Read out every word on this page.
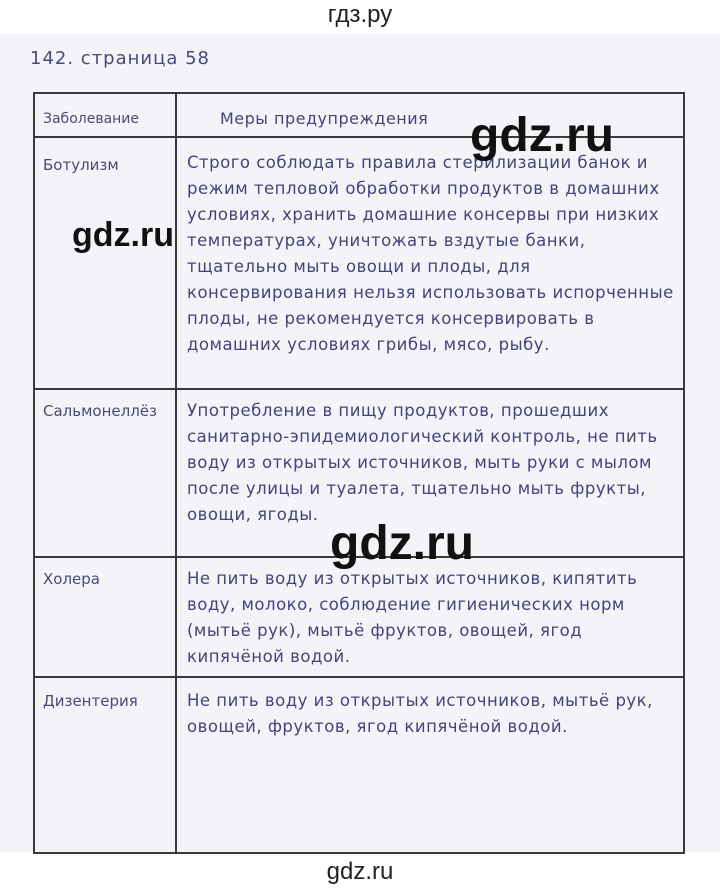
гдз.ру
142. страница 58
Заболевание	Меры предупреждения
Ботулизм	Строго соблюдать правила стерилизации банок и режим тепловой обработки продуктов в домашних условиях, хранить домашние консервы при низких температурах, уничтожать вздутые банки, тщательно мыть овощи и плоды, для консервирования нельзя использовать испорченные плоды, не рекомендуется консервировать в домашних условиях грибы, мясо, рыбу.
Сальмонеллёз	Употребление в пищу продуктов, прошедших санитарно-эпидемиологический контроль, не пить воду из открытых источников, мыть руки с мылом после улицы и туалета, тщательно мыть фрукты, овощи, ягоды.
Холера	Не пить воду из открытых источников, кипятить воду, молоко, соблюдение гигиенических норм (мытьё рук), мытьё фруктов, овощей, ягод кипячёной водой.
Дизентерия	Не пить воду из открытых источников, мытьё рук, овощей, фруктов, ягод кипячёной водой.
gdz.ru
gdz.ru
gdz.ru
gdz.ru
